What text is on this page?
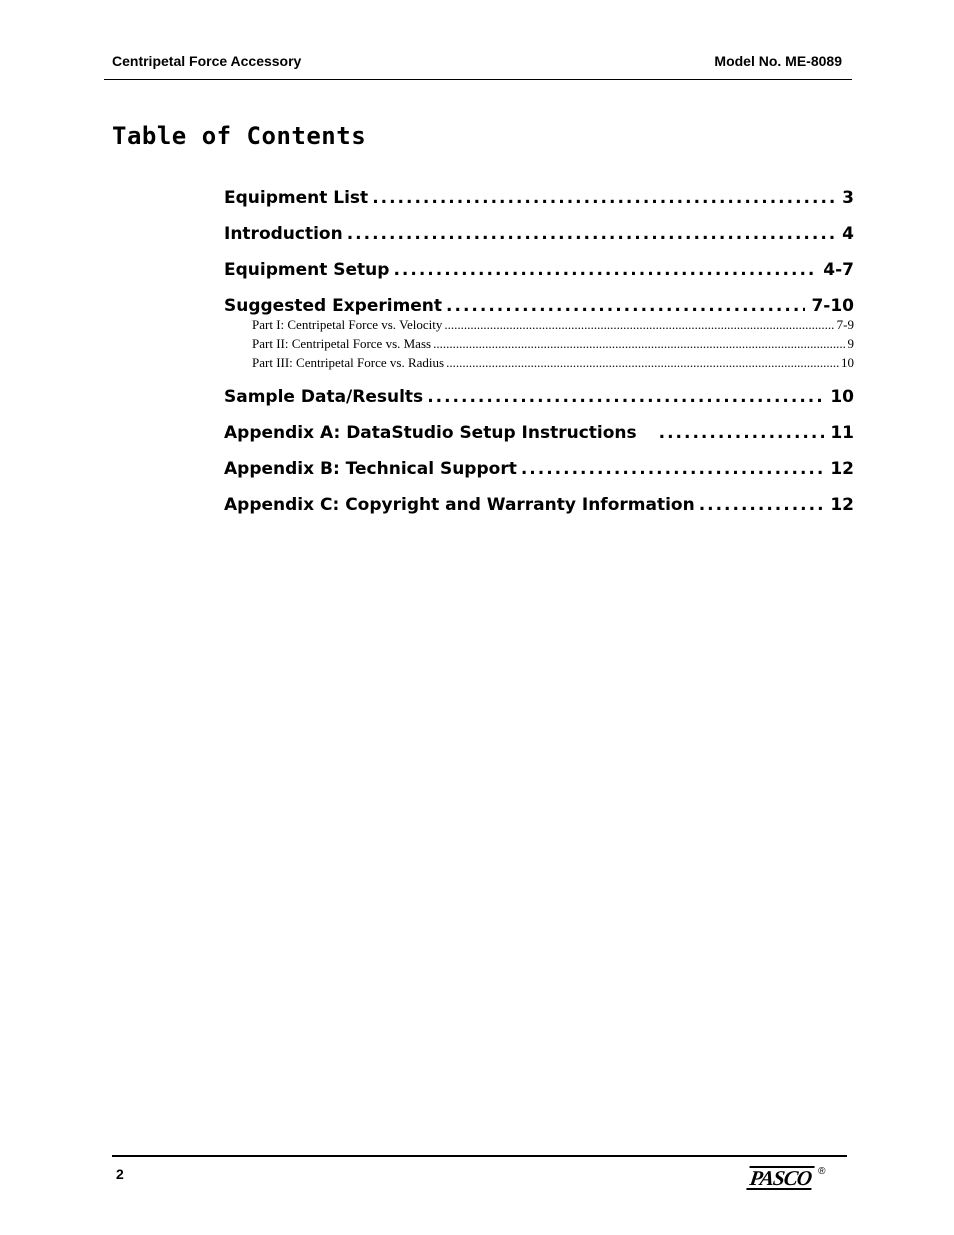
Centripetal Force Accessory	Model No. ME-8089
Table of Contents
Equipment List .....	3
Introduction .....	4
Equipment Setup .....	4-7
Suggested Experiment .....	7-10
Part I: Centripetal Force vs. Velocity .....	7-9
Part II: Centripetal Force vs. Mass .....	9
Part III: Centripetal Force vs. Radius .....	10
Sample Data/Results .....	10
Appendix A: DataStudio Setup Instructions .....	11
Appendix B: Technical Support .....	12
Appendix C: Copyright and Warranty Information .....	12
2	PASCO ®
